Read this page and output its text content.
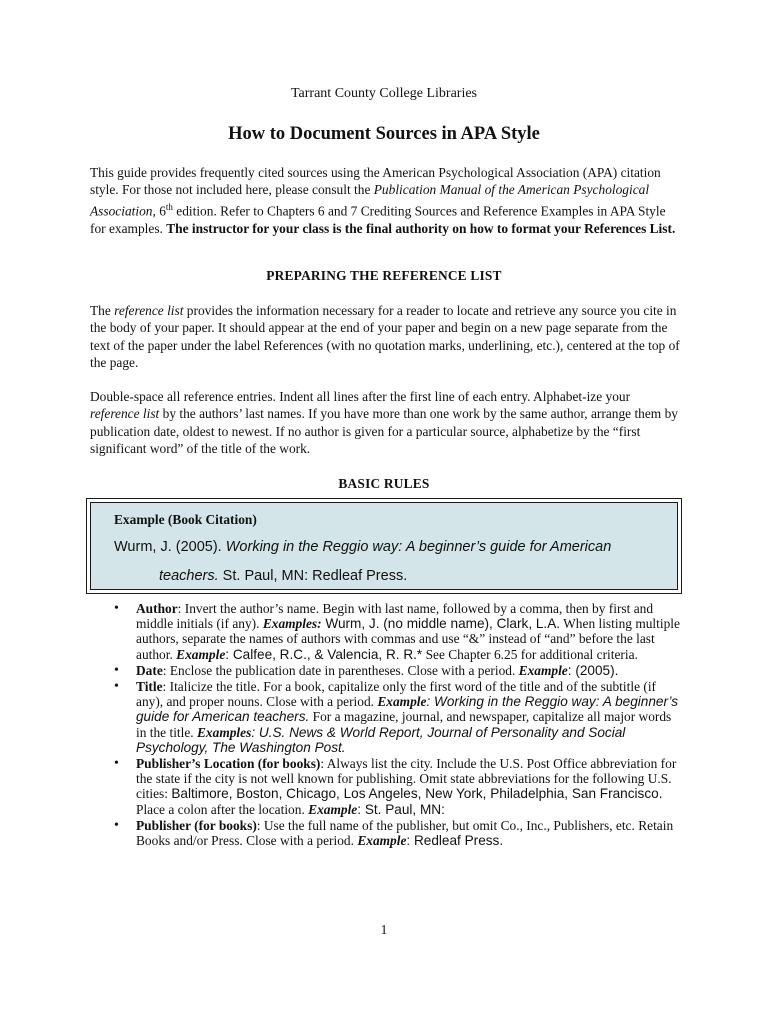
Tarrant County College Libraries
How to Document Sources in APA Style
This guide provides frequently cited sources using the American Psychological Association (APA) citation style. For those not included here, please consult the Publication Manual of the American Psychological Association, 6th edition. Refer to Chapters 6 and 7 Crediting Sources and Reference Examples in APA Style for examples. The instructor for your class is the final authority on how to format your References List.
PREPARING THE REFERENCE LIST
The reference list provides the information necessary for a reader to locate and retrieve any source you cite in the body of your paper. It should appear at the end of your paper and begin on a new page separate from the text of the paper under the label References (with no quotation marks, underlining, etc.), centered at the top of the page.
Double-space all reference entries. Indent all lines after the first line of each entry. Alphabet-ize your reference list by the authors’ last names. If you have more than one work by the same author, arrange them by publication date, oldest to newest. If no author is given for a particular source, alphabetize by the “first significant word” of the title of the work.
BASIC RULES
Example (Book Citation)
Wurm, J. (2005). Working in the Reggio way: A beginner’s guide for American
teachers. St. Paul, MN: Redleaf Press.
• Author: Invert the author’s name. Begin with last name, followed by a comma, then by first and middle initials (if any). Examples: Wurm, J. (no middle name), Clark, L.A. When listing multiple authors, separate the names of authors with commas and use “&” instead of “and” before the last author. Example: Calfee, R.C., & Valencia, R. R.* See Chapter 6.25 for additional criteria.
• Date: Enclose the publication date in parentheses. Close with a period. Example: (2005).
• Title: Italicize the title. For a book, capitalize only the first word of the title and of the subtitle (if any), and proper nouns. Close with a period. Example: Working in the Reggio way: A beginner’s guide for American teachers. For a magazine, journal, and newspaper, capitalize all major words in the title. Examples: U.S. News & World Report, Journal of Personality and Social Psychology, The Washington Post.
• Publisher’s Location (for books): Always list the city. Include the U.S. Post Office abbreviation for the state if the city is not well known for publishing. Omit state abbreviations for the following U.S. cities: Baltimore, Boston, Chicago, Los Angeles, New York, Philadelphia, San Francisco. Place a colon after the location. Example: St. Paul, MN:
• Publisher (for books): Use the full name of the publisher, but omit Co., Inc., Publishers, etc. Retain Books and/or Press. Close with a period. Example: Redleaf Press.
1
